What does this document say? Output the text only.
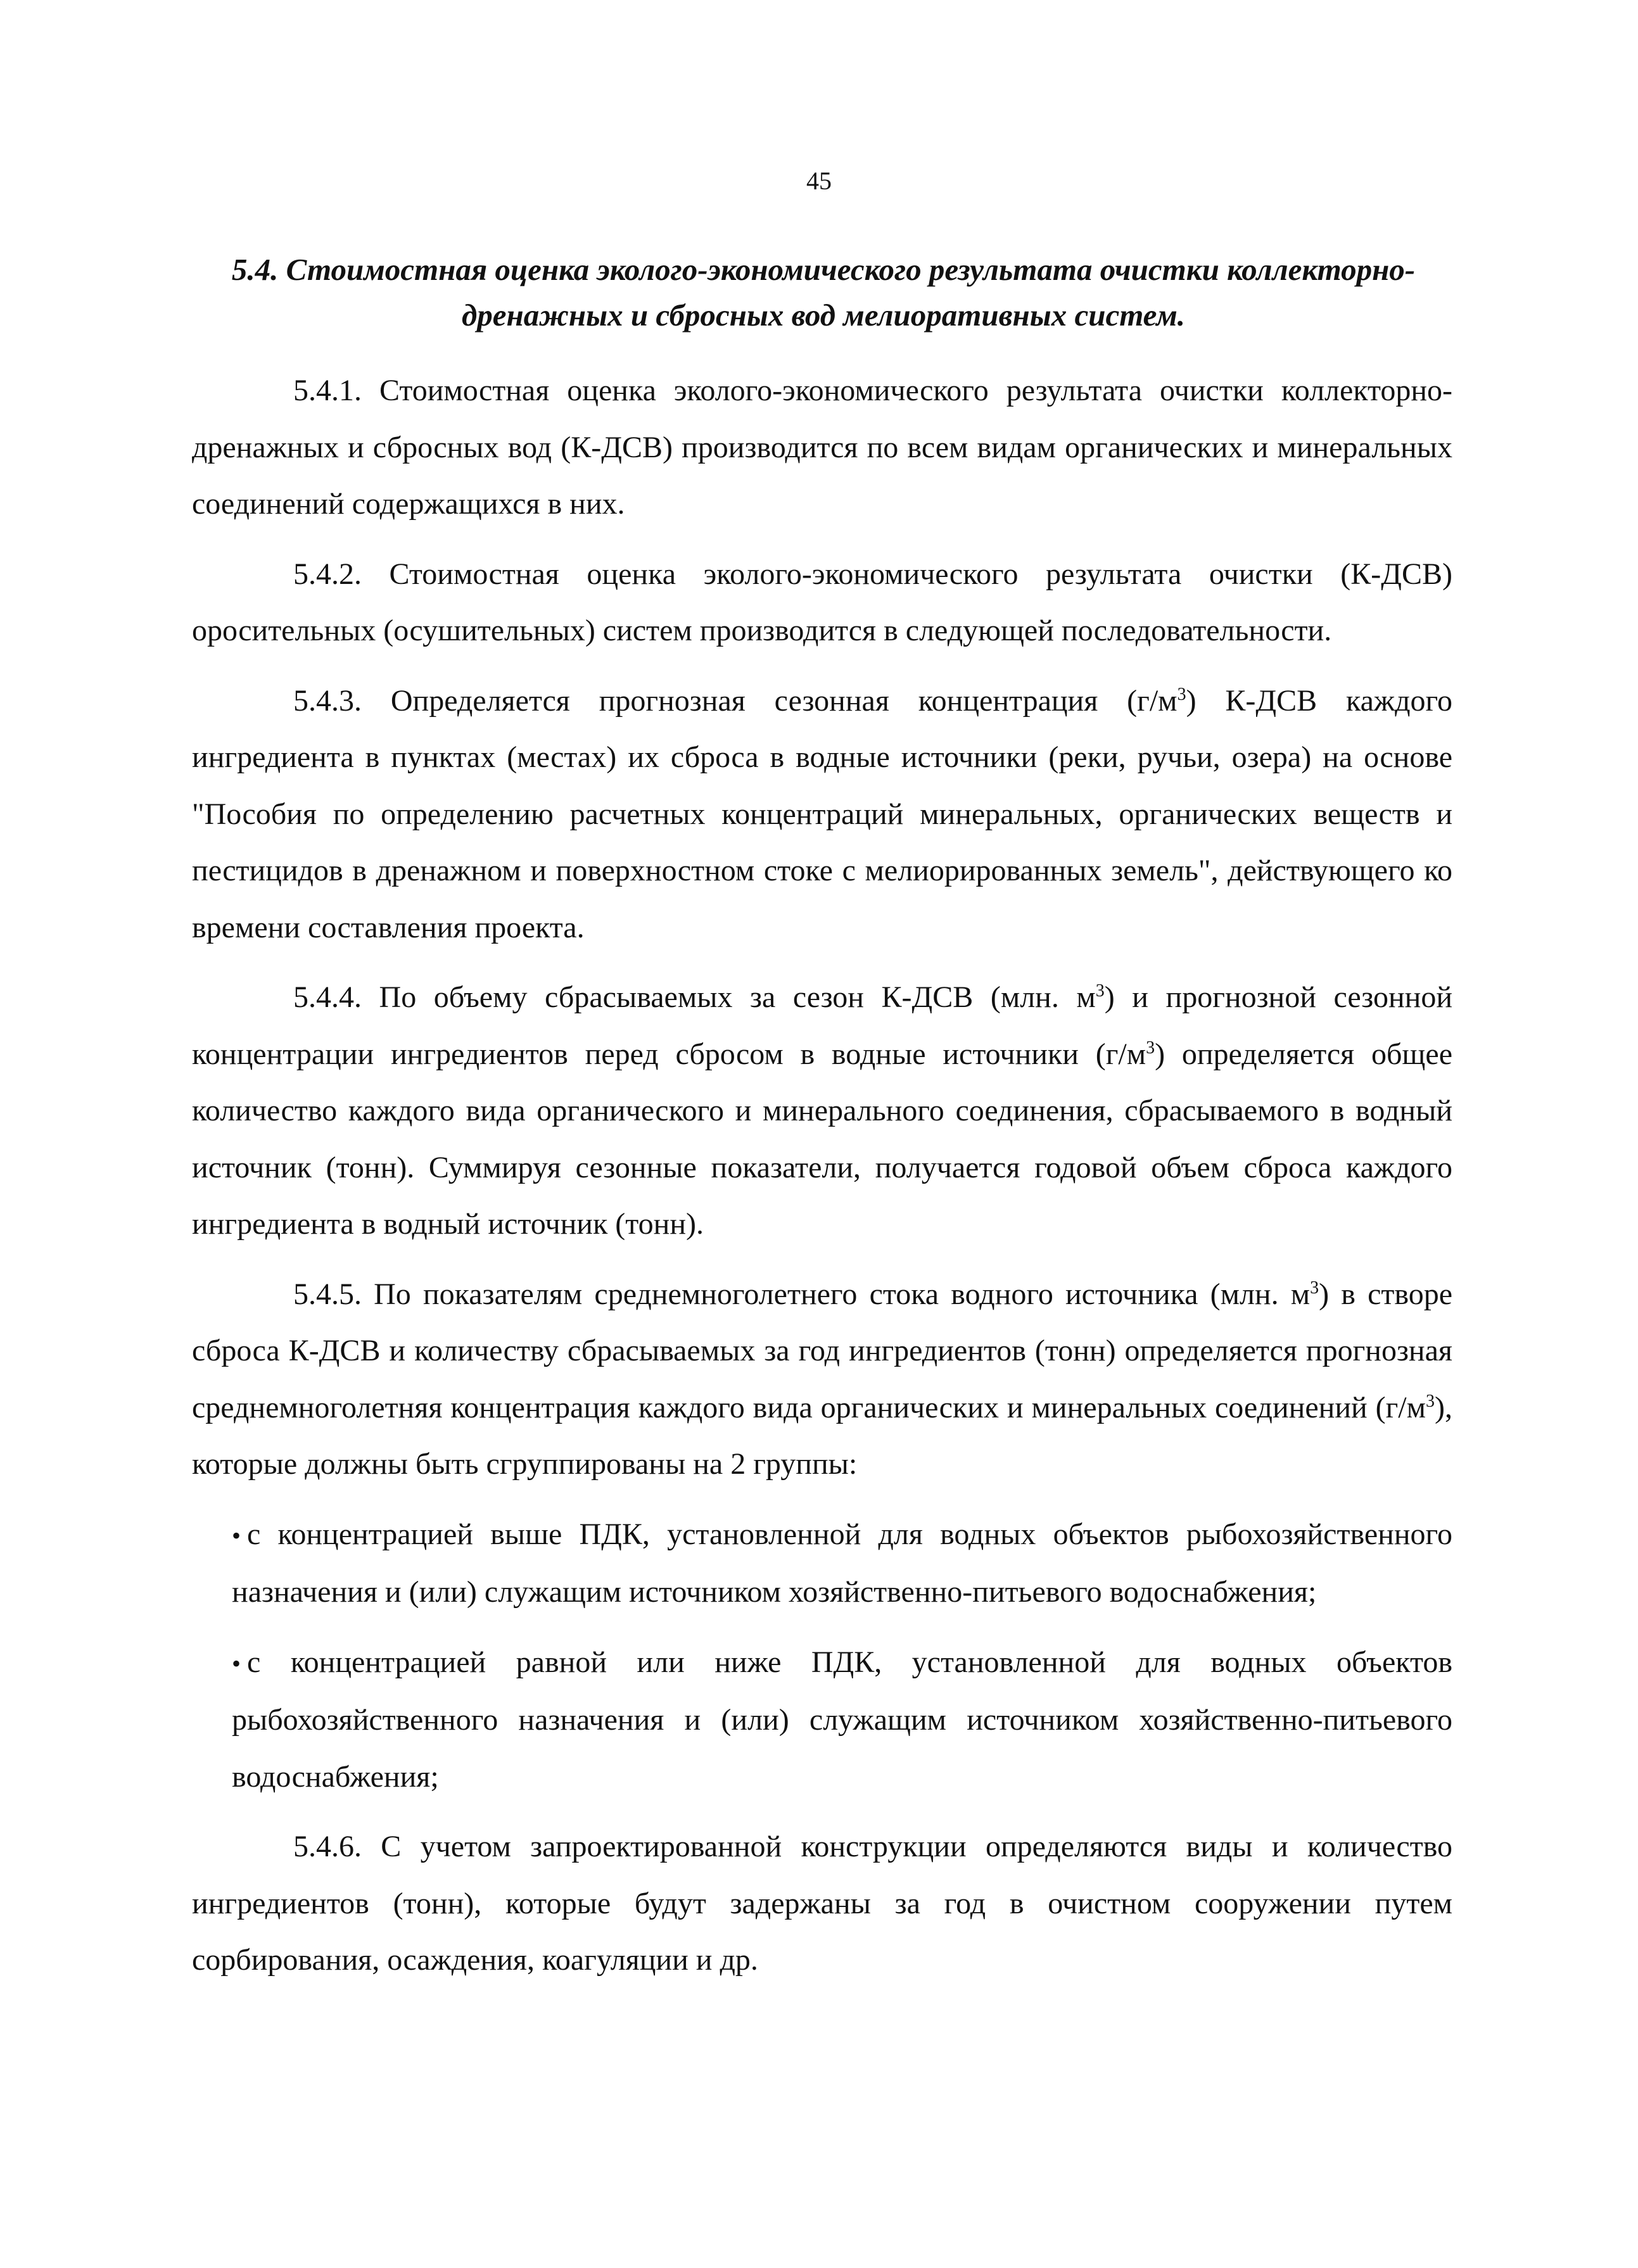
45
5.4. Стоимостная оценка эколого-экономического результата очистки коллекторно-дренажных и сбросных вод мелиоративных систем.

5.4.1. Стоимостная оценка эколого-экономического результата очистки коллекторно-дренажных и сбросных вод (К-ДСВ) производится по всем видам органических и минеральных соединений содержащихся в них.

5.4.2. Стоимостная оценка эколого-экономического результата очистки (К-ДСВ) оросительных (осушительных) систем производится в следующей последовательности.

5.4.3. Определяется прогнозная сезонная концентрация $(г/м^3)$ К-ДСВ каждого ингредиента в пунктах (местах) их сброса в водные источники (реки, ручьи, озера) на основе "Пособия по определению расчетных концентраций минеральных, органических веществ и пестицидов в дренажном и поверхностном стоке с мелиорированных земель", действующего ко времени составления проекта.

5.4.4. По объему сбрасываемых за сезон К-ДСВ (млн. $м^3$) и прогнозной сезонной концентрации ингредиентов перед сбросом в водные источники $(г/м^3)$ определяется общее количество каждого вида органического и минерального соединения, сбрасываемого в водный источник (тонн). Суммируя сезонные показатели, получается годовой объем сброса каждого ингредиента в водный источник (тонн).

5.4.5. По показателям среднемноголетнего стока водного источника (млн. $м^3$) в створе сброса К-ДСВ и количеству сбрасываемых за год ингредиентов (тонн) определяется прогнозная среднемноголетняя концентрация каждого вида органических и минеральных соединений $(г/м^3)$, которые должны быть сгруппированы на 2 группы:

• с концентрацией выше ПДК, установленной для водных объектов рыбохозяйственного назначения и (или) служащим источником хозяйственно-питьевого водоснабжения;

• с концентрацией равной или ниже ПДК, установленной для водных объектов рыбохозяйственного назначения и (или) служащим источником хозяйственно-питьевого водоснабжения;

5.4.6. С учетом запроектированной конструкции определяются виды и количество ингредиентов (тонн), которые будут задержаны за год в очистном сооружении путем сорбирования, осаждения, коагуляции и др.
